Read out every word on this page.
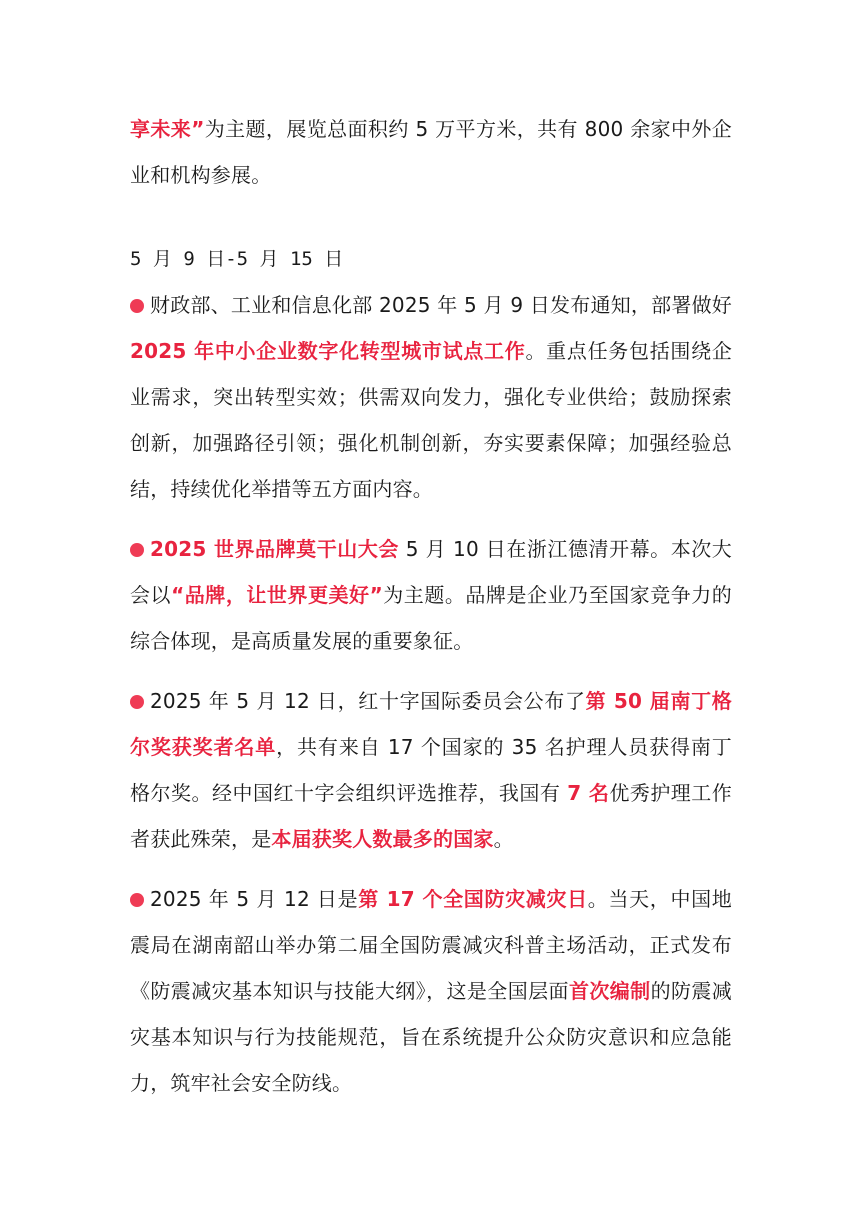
享未来”为主题，展览总面积约 5 万平方米，共有 800 余家中外企业和机构参展。

5 月 9 日-5 月 15 日

财政部、工业和信息化部 2025 年 5 月 9 日发布通知，部署做好 2025 年中小企业数字化转型城市试点工作。重点任务包括围绕企业需求，突出转型实效；供需双向发力，强化专业供给；鼓励探索创新，加强路径引领；强化机制创新，夯实要素保障；加强经验总结，持续优化举措等五方面内容。

2025 世界品牌莫干山大会 5 月 10 日在浙江德清开幕。本次大会以“品牌，让世界更美好”为主题。品牌是企业乃至国家竞争力的综合体现，是高质量发展的重要象征。

2025 年 5 月 12 日，红十字国际委员会公布了第 50 届南丁格尔奖获奖者名单，共有来自 17 个国家的 35 名护理人员获得南丁格尔奖。经中国红十字会组织评选推荐，我国有 7 名优秀护理工作者获此殊荣，是本届获奖人数最多的国家。

2025 年 5 月 12 日是第 17 个全国防灾减灾日。当天，中国地震局在湖南韶山举办第二届全国防震减灾科普主场活动，正式发布《防震减灾基本知识与技能大纲》，这是全国层面首次编制的防震减灾基本知识与行为技能规范，旨在系统提升公众防灾意识和应急能力，筑牢社会安全防线。
